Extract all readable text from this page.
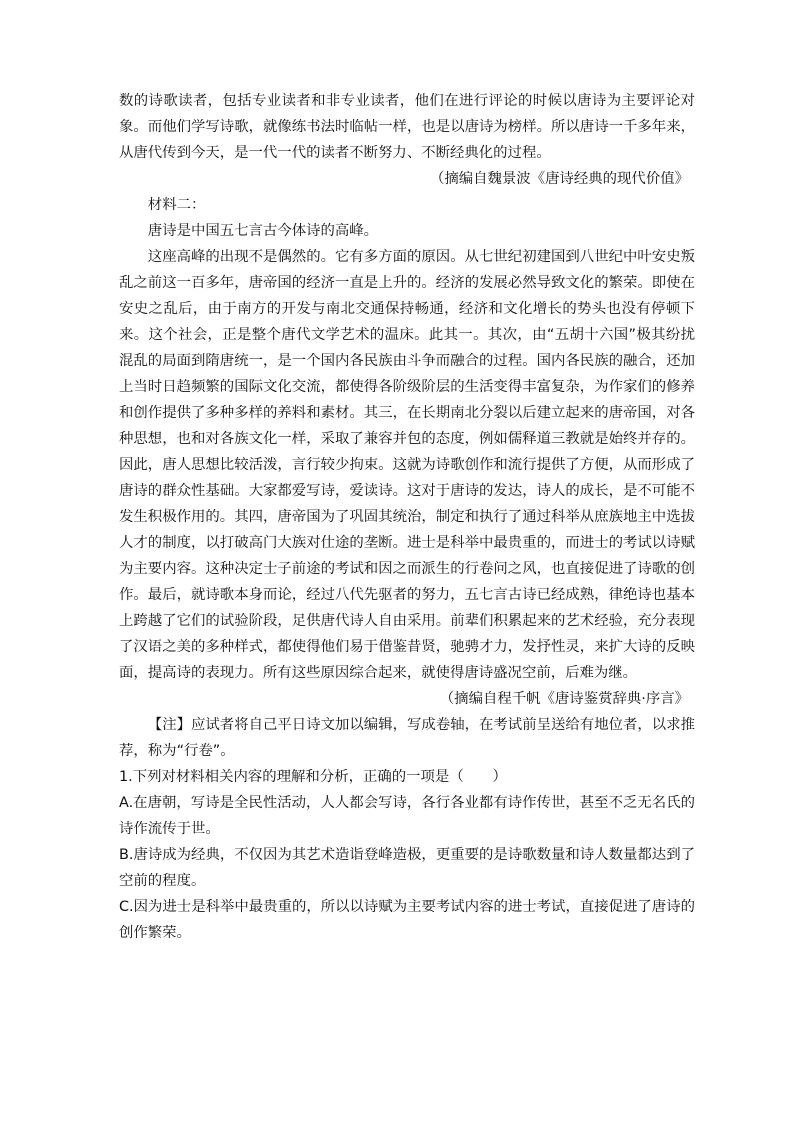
数的诗歌读者，包括专业读者和非专业读者，他们在进行评论的时候以唐诗为主要评论对象。而他们学写诗歌，就像练书法时临帖一样，也是以唐诗为榜样。所以唐诗一千多年来，从唐代传到今天，是一代一代的读者不断努力、不断经典化的过程。

（摘编自魏景波《唐诗经典的现代价值》

材料二：

唐诗是中国五七言古今体诗的高峰。

这座高峰的出现不是偶然的。它有多方面的原因。从七世纪初建国到八世纪中叶安史叛乱之前这一百多年，唐帝国的经济一直是上升的。经济的发展必然导致文化的繁荣。即使在安史之乱后，由于南方的开发与南北交通保持畅通，经济和文化增长的势头也没有停顿下来。这个社会，正是整个唐代文学艺术的温床。此其一。其次，由“五胡十六国”极其纷扰混乱的局面到隋唐统一，是一个国内各民族由斗争而融合的过程。国内各民族的融合，还加上当时日趋频繁的国际文化交流，都使得各阶级阶层的生活变得丰富复杂，为作家们的修养和创作提供了多种多样的养料和素材。其三，在长期南北分裂以后建立起来的唐帝国，对各种思想，也和对各族文化一样，采取了兼容并包的态度，例如儒释道三教就是始终并存的。因此，唐人思想比较活泼，言行较少拘束。这就为诗歌创作和流行提供了方便，从而形成了唐诗的群众性基础。大家都爱写诗，爱读诗。这对于唐诗的发达，诗人的成长，是不可能不发生积极作用的。其四，唐帝国为了巩固其统治，制定和执行了通过科举从庶族地主中选拔人才的制度，以打破高门大族对仕途的垄断。进士是科举中最贵重的，而进士的考试以诗赋为主要内容。这种决定士子前途的考试和因之而派生的行卷问之风，也直接促进了诗歌的创作。最后，就诗歌本身而论，经过八代先驱者的努力，五七言古诗已经成熟，律绝诗也基本上跨越了它们的试验阶段，足供唐代诗人自由采用。前辈们积累起来的艺术经验，充分表现了汉语之美的多种样式，都使得他们易于借鉴昔贤，驰骋才力，发抒性灵，来扩大诗的反映面，提高诗的表现力。所有这些原因综合起来，就使得唐诗盛况空前，后难为继。

（摘编自程千帆《唐诗鉴赏辞典·序言》

【注】应试者将自己平日诗文加以编辑，写成卷轴，在考试前呈送给有地位者，以求推荐，称为“行卷”。

1.下列对材料相关内容的理解和分析，正确的一项是（　　）

A.在唐朝，写诗是全民性活动，人人都会写诗，各行各业都有诗作传世，甚至不乏无名氏的诗作流传于世。

B.唐诗成为经典，不仅因为其艺术造诣登峰造极，更重要的是诗歌数量和诗人数量都达到了空前的程度。

C.因为进士是科举中最贵重的，所以以诗赋为主要考试内容的进士考试，直接促进了唐诗的创作繁荣。
